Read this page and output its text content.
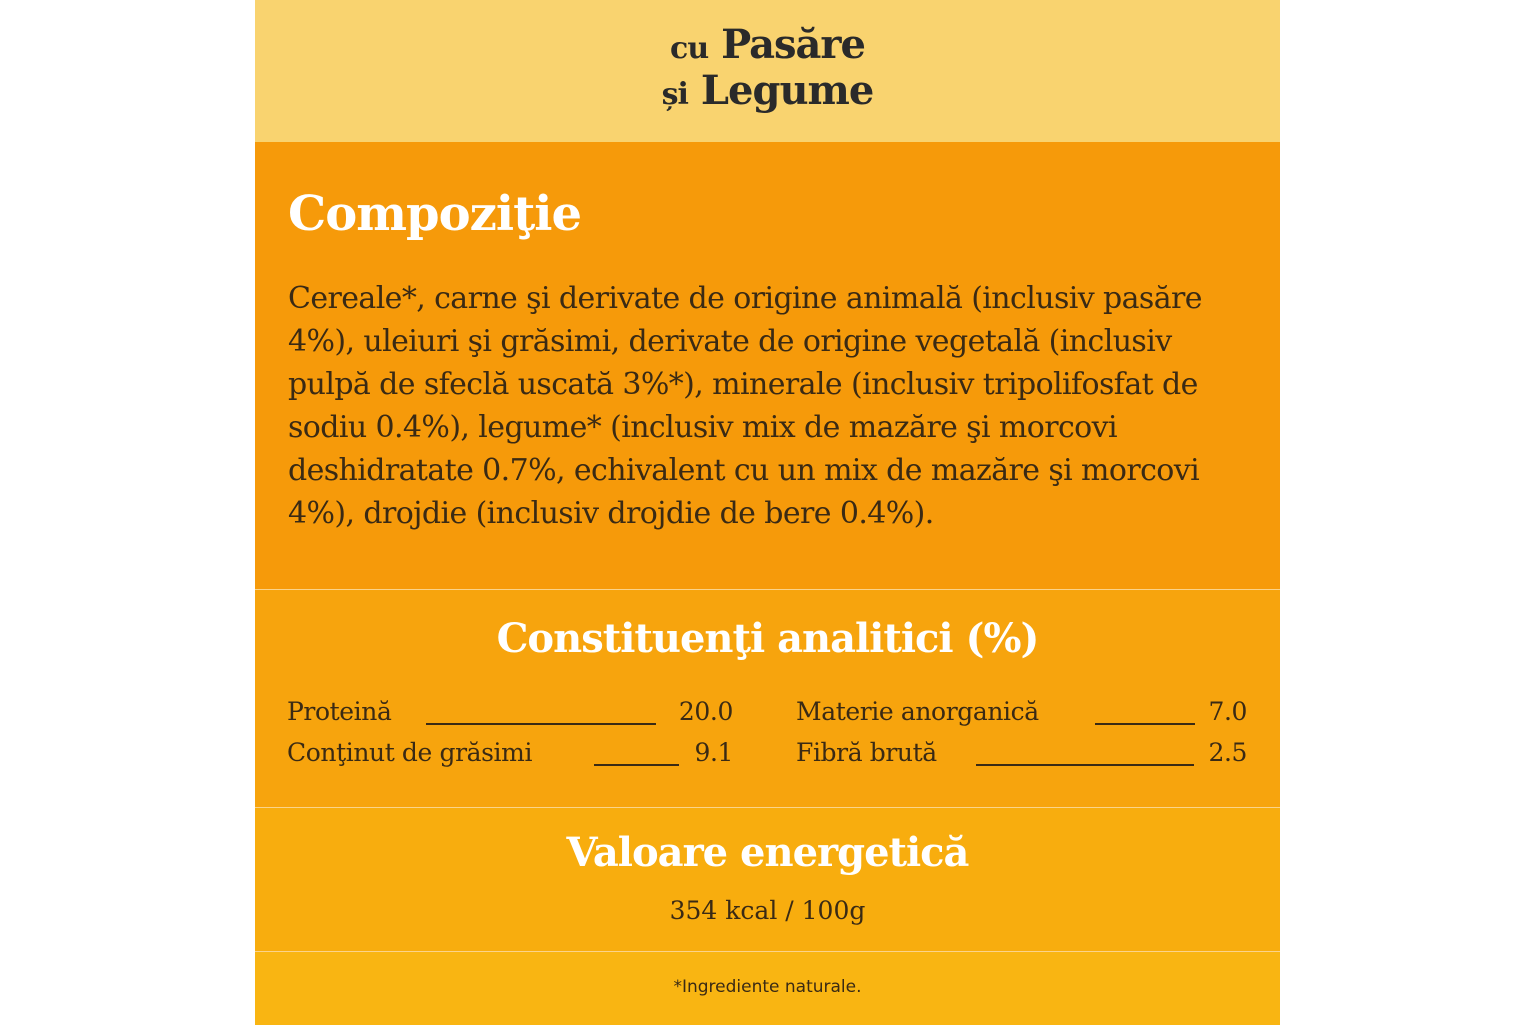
cu Pasăre
și Legume
Compoziţie
Cereale*, carne şi derivate de origine animală (inclusiv pasăre 4%), uleiuri şi grăsimi, derivate de origine vegetală (inclusiv pulpă de sfeclă uscată 3%*), minerale (inclusiv tripolifosfat de sodiu 0.4%), legume* (inclusiv mix de mazăre şi morcovi deshidratate 0.7%, echivalent cu un mix de mazăre şi morcovi 4%), drojdie (inclusiv drojdie de bere 0.4%).
Constituenţi analitici (%)
Proteină	20.0
Conţinut de grăsimi	9.1
Materie anorganică	7.0
Fibră brută	2.5
Valoare energetică
354 kcal / 100g
*Ingrediente naturale.
